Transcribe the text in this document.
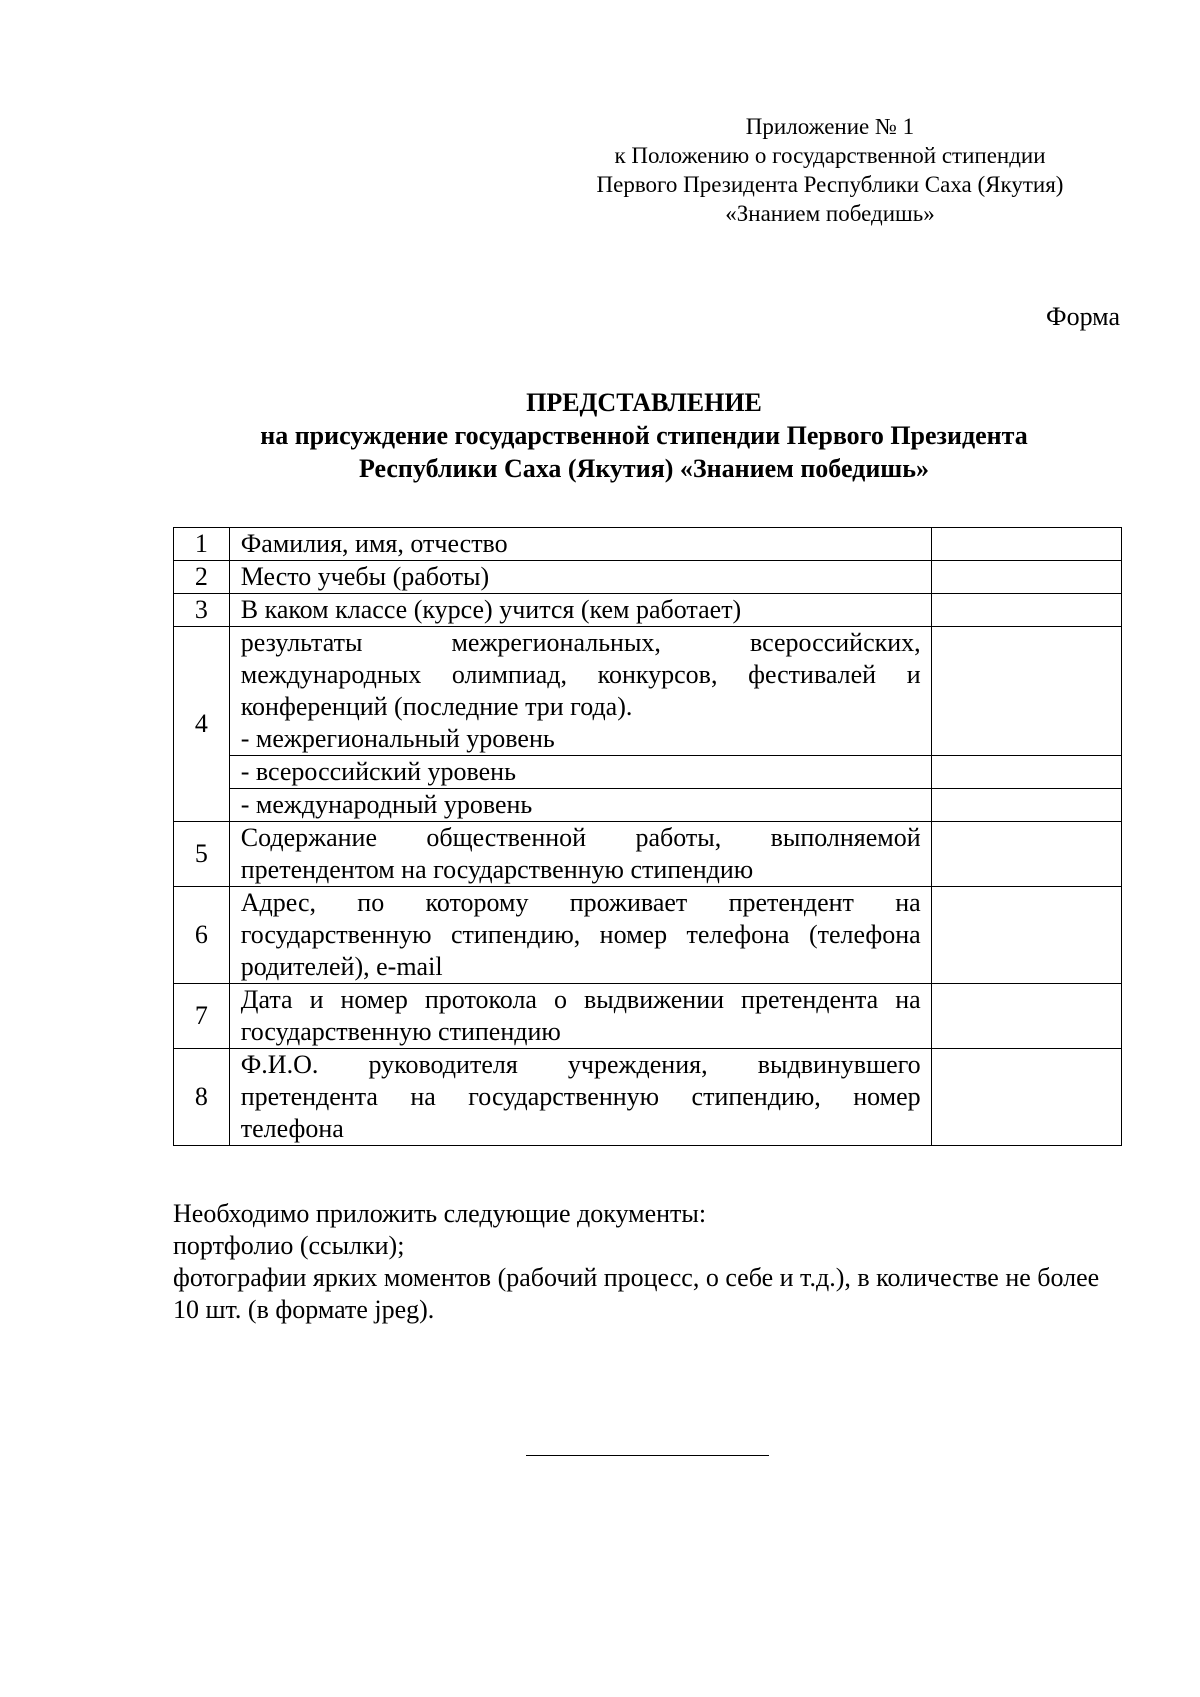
Приложение № 1
к Положению о государственной стипендии
Первого Президента Республики Саха (Якутия)
«Знанием победишь»
Форма
ПРЕДСТАВЛЕНИЕ
на присуждение государственной стипендии Первого Президента
Республики Саха (Якутия) «Знанием победишь»
1	Фамилия, имя, отчество	
2	Место учебы (работы)	
3	В каком классе (курсе) учится (кем работает)	
4	результаты межрегиональных, всероссийских, международных олимпиад, конкурсов, фестивалей и конференций (последние три года).
- межрегиональный уровень	

	- всероссийский уровень	
	- международный уровень	
5	Содержание общественной работы, выполняемой претендентом на государственную стипендию	
6	Адрес, по которому проживает претендент на государственную стипендию, номер телефона (телефона родителей), e-mail	
7	Дата и номер протокола о выдвижении претендента на государственную стипендию	
8	Ф.И.О. руководителя учреждения, выдвинувшего претендента на государственную стипендию, номер телефона	
Необходимо приложить следующие документы:
портфолио (ссылки);
фотографии ярких моментов (рабочий процесс, о себе и т.д.), в количестве не более 10 шт. (в формате jpeg).
